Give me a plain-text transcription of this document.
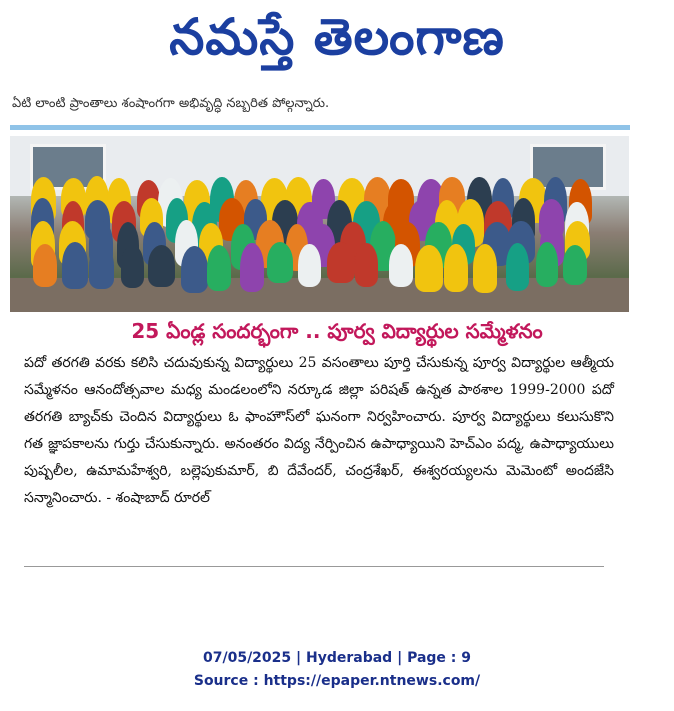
నమస్తే తెలంగాణ
ఏటి లాంటి ప్రాంతాలు శంషాంగగా అభివృద్ధి నబ్బరిత పోల్గన్నారు.
25 ఏండ్ల సందర్భంగా .. పూర్వ విద్యార్థుల సమ్మేళనం
పదో తరగతి వరకు కలిసి చదువుకున్న విద్యార్థులు 25 వసంతాలు పూర్తి చేసుకున్న పూర్వ విద్యార్థుల ఆత్మీయ సమ్మేళనం ఆనందోత్సవాల మధ్య మండలంలోని నర్కూడ జిల్లా పరిషత్ ఉన్నత పాఠశాల 1999-2000 పదో తరగతి బ్యాచ్‌కు చెందిన విద్యార్థులు ఓ ఫాంహౌస్‌లో ఘనంగా నిర్వహించారు. పూర్వ విద్యార్థులు కలుసుకొని గత జ్ఞాపకాలను గుర్తు చేసుకున్నారు. అనంతరం విద్య నేర్పించిన ఉపాధ్యాయిని హెచ్‌ఎం పద్మ, ఉపాధ్యాయులు పుష్పలీల, ఉమామహేశ్వరి, బల్లెపుకుమార్, బి దేవేందర్, చంద్రశేఖర్, ఈశ్వరయ్యలను మెమెంటో అందజేసి సన్మానించారు. - శంషాబాద్ రూరల్
07/05/2025 | Hyderabad | Page : 9
Source : https://epaper.ntnews.com/
